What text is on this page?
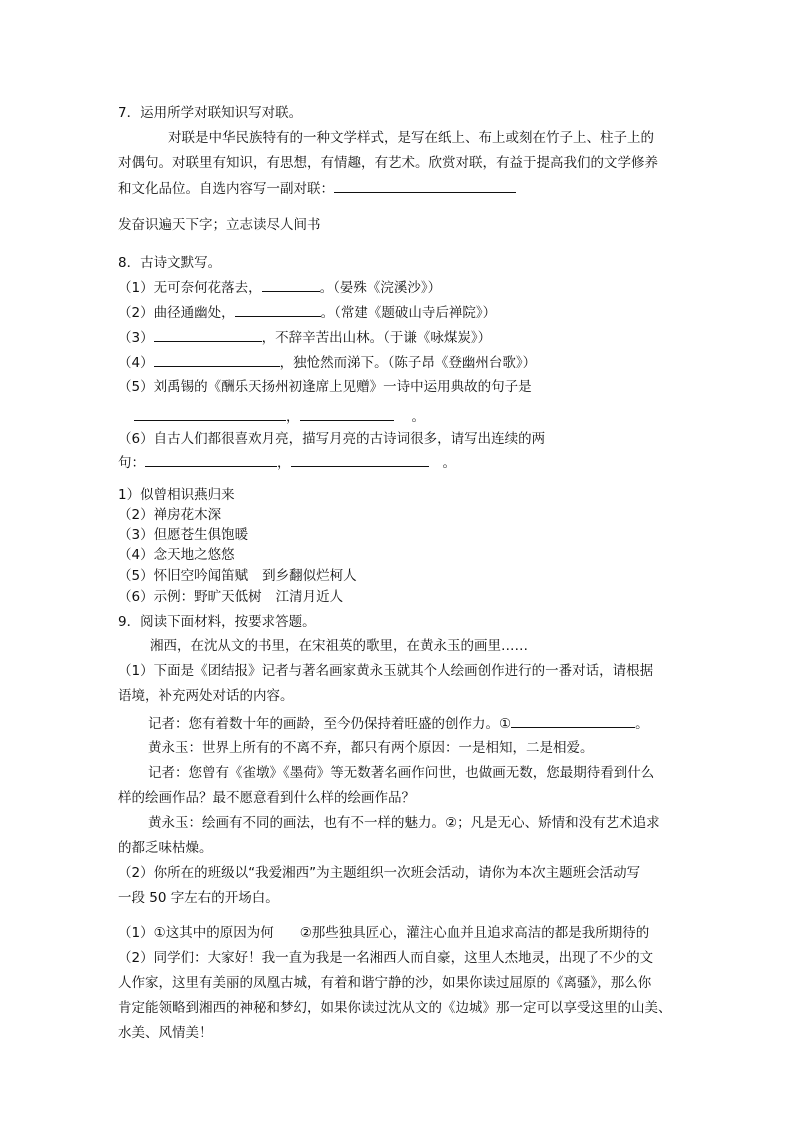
7．运用所学对联知识写对联。
对联是中华民族特有的一种文学样式，是写在纸上、布上或刻在竹子上、柱子上的
对偶句。对联里有知识，有思想，有情趣，有艺术。欣赏对联，有益于提高我们的文学修养
和文化品位。自选内容写一副对联：
发奋识遍天下字；立志读尽人间书
8．古诗文默写。
（1）无可奈何花落去，	。（晏殊《浣溪沙》）
（2）曲径通幽处，	。（常建《题破山寺后禅院》）
（3）	，不辞辛苦出山林。（于谦《咏煤炭》）
（4）	，独怆然而涕下。（陈子昂《登幽州台歌》）
（5）刘禹锡的《酬乐天扬州初逢席上见赠》一诗中运用典故的句子是
，	。
（6）自古人们都很喜欢月亮，描写月亮的古诗词很多，请写出连续的两
句：	，	。
1）似曾相识燕归来
（2）禅房花木深
（3）但愿苍生俱饱暖
（4）念天地之悠悠
（5）怀旧空吟闻笛赋 到乡翻似烂柯人
（6）示例：野旷天低树 江清月近人
9．阅读下面材料，按要求答题。
湘西，在沈从文的书里，在宋祖英的歌里，在黄永玉的画里……
（1）下面是《团结报》记者与著名画家黄永玉就其个人绘画创作进行的一番对话，请根据
语境，补充两处对话的内容。
记者：您有着数十年的画龄，至今仍保持着旺盛的创作力。①	。
黄永玉：世界上所有的不离不弃，都只有两个原因：一是相知，二是相爱。
记者：您曾有《雀墩》《墨荷》等无数著名画作问世，也做画无数，您最期待看到什么
样的绘画作品？最不愿意看到什么样的绘画作品？
黄永玉：绘画有不同的画法，也有不一样的魅力。②；凡是无心、矫情和没有艺术追求
的都乏味枯燥。
（2）你所在的班级以“我爱湘西”为主题组织一次班会活动，请你为本次主题班会活动写
一段 50 字左右的开场白。
（1）①这其中的原因为何 ②那些独具匠心，灌注心血并且追求高洁的都是我所期待的
（2）同学们：大家好！我一直为我是一名湘西人而自豪，这里人杰地灵，出现了不少的文
人作家，这里有美丽的凤凰古城，有着和谐宁静的沙，如果你读过屈原的《离骚》，那么你
肯定能领略到湘西的神秘和梦幻，如果你读过沈从文的《边城》那一定可以享受这里的山美、
水美、风情美！
